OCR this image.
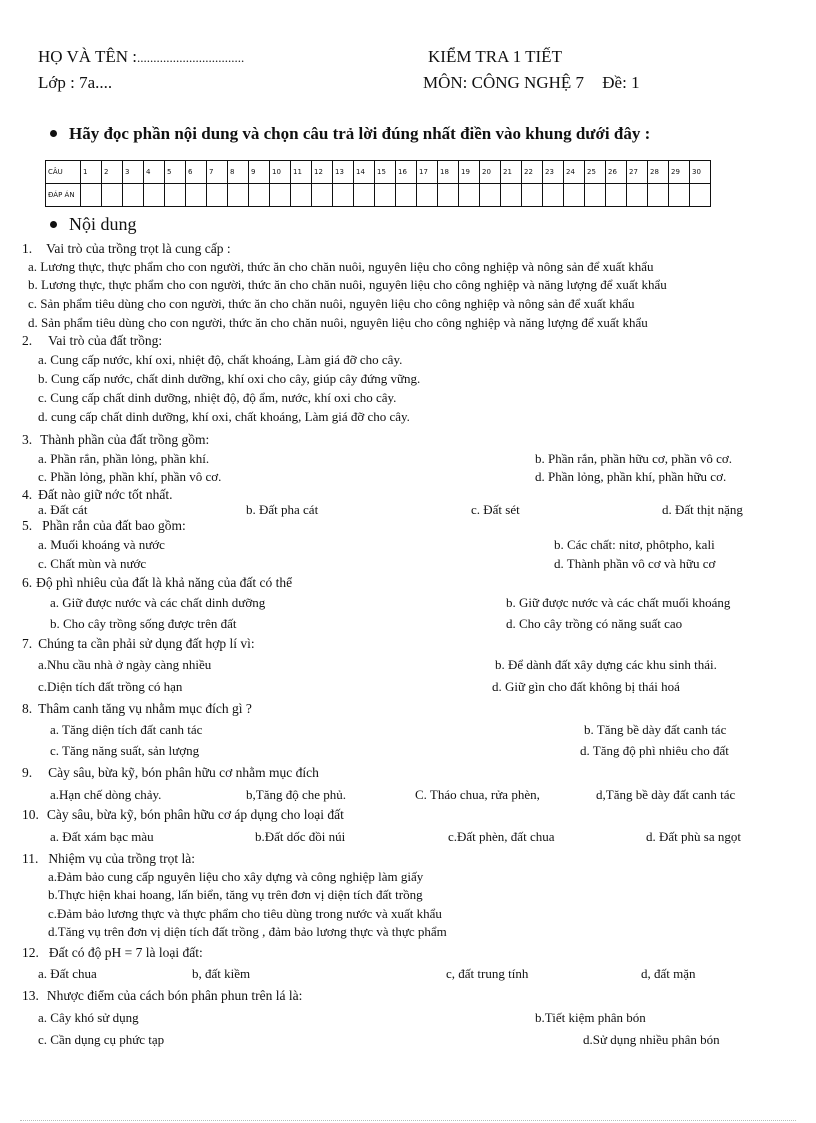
HỌ VÀ TÊN :.................................
Lớp : 7a....
KIỂM TRA 1 TIẾT
MÔN: CÔNG NGHỆ 7 Đề: 1
Hãy đọc phần nội dung và chọn câu trả lời đúng nhất điền vào khung dưới đây :
CÂU	1	2	3	4	5	6	7	8	9	10	11	12	13	14	15	16	17	18	19	20	21	22	23	24	25	26	27	28	29	30
ĐÁP ÁN																														
Nội dung
1. Vai trò của trồng trọt là cung cấp :
a. Lương thực, thực phẩm cho con người, thức ăn cho chăn nuôi, nguyên liệu cho công nghiệp và nông sản để xuất khẩu
b. Lương thực, thực phẩm cho con người, thức ăn cho chăn nuôi, nguyên liệu cho công nghiệp và năng lượng để xuất khẩu
c. Sản phẩm tiêu dùng cho con người, thức ăn cho chăn nuôi, nguyên liệu cho công nghiệp và nông sản để xuất khẩu
d. Sản phẩm tiêu dùng cho con người, thức ăn cho chăn nuôi, nguyên liệu cho công nghiệp và năng lượng để xuất khẩu
2. Vai trò của đất trồng:
a. Cung cấp nước, khí oxi, nhiệt độ, chất khoáng, Làm giá đỡ cho cây.
b. Cung cấp nước, chất dinh dưỡng, khí oxi cho cây, giúp cây đứng vững.
c. Cung cấp chất dinh dưỡng, nhiệt độ, độ ẩm, nước, khí oxi cho cây.
d. cung cấp chất dinh dưỡng, khí oxi, chất khoáng, Làm giá đỡ cho cây.
3. Thành phần của đất trồng gồm:
a. Phần rắn, phần lỏng, phần khí.	b. Phần rắn, phần hữu cơ, phần vô cơ.
c. Phần lỏng, phần khí, phần vô cơ.	d. Phần lỏng, phần khí, phần hữu cơ.
4. Đất nào giữ nớc tốt nhất.
a. Đất cát	b. Đất pha cát	c. Đất sét	d. Đất thịt nặng
5. Phần rắn của đất bao gồm:
a. Muối khoáng và nước	b. Các chất: nitơ, phôtpho, kali
c. Chất mùn và nước	d. Thành phần vô cơ và hữu cơ
6. Độ phì nhiêu của đất là khả năng của đất có thể
a. Giữ được nước và các chất dinh dưỡng	b. Giữ được nước và các chất muối khoáng
b. Cho cây trồng sống được trên đất	d. Cho cây trồng có năng suất cao
7. Chúng ta cần phải sử dụng đất hợp lí vì:
a.Nhu cầu nhà ở ngày càng nhiều	b. Để dành đất xây dựng các khu sinh thái.
c.Diện tích đất trồng có hạn	d. Giữ gìn cho đất không bị thái hoá
8. Thâm canh tăng vụ nhằm mục đích gì ?
a. Tăng diện tích đất canh tác	b. Tăng bề dày đất canh tác
c. Tăng năng suất, sản lượng	d. Tăng độ phì nhiêu cho đất
9. Cày sâu, bừa kỹ, bón phân hữu cơ nhằm mục đích
a.Hạn chế dòng chảy.	b,Tăng độ che phủ.	C. Tháo chua, rửa phèn,	d,Tăng bề dày đất canh tác
10. Cày sâu, bừa kỹ, bón phân hữu cơ áp dụng cho loại đất
a. Đất xám bạc màu	b.Đất dốc đồi núi	c.Đất phèn, đất chua	d. Đất phù sa ngọt
11. Nhiệm vụ của trồng trọt là:
a.Đảm bảo cung cấp nguyên liệu cho xây dựng và công nghiệp làm giấy
b.Thực hiện khai hoang, lấn biển, tăng vụ trên đơn vị diện tích đất trồng
c.Đảm bảo lương thực và thực phẩm cho tiêu dùng trong nước và xuất khẩu
d.Tăng vụ trên đơn vị diện tích đất trồng , đảm bảo lương thực và thực phẩm
12. Đất có độ pH = 7 là loại đất:
a. Đất chua	b, đất kiềm	c, đất trung tính	d, đất mặn
13. Nhược điểm của cách bón phân phun trên lá là:
a. Cây khó sử dụng	b.Tiết kiệm phân bón
c. Cần dụng cụ phức tạp	d.Sử dụng nhiều phân bón
